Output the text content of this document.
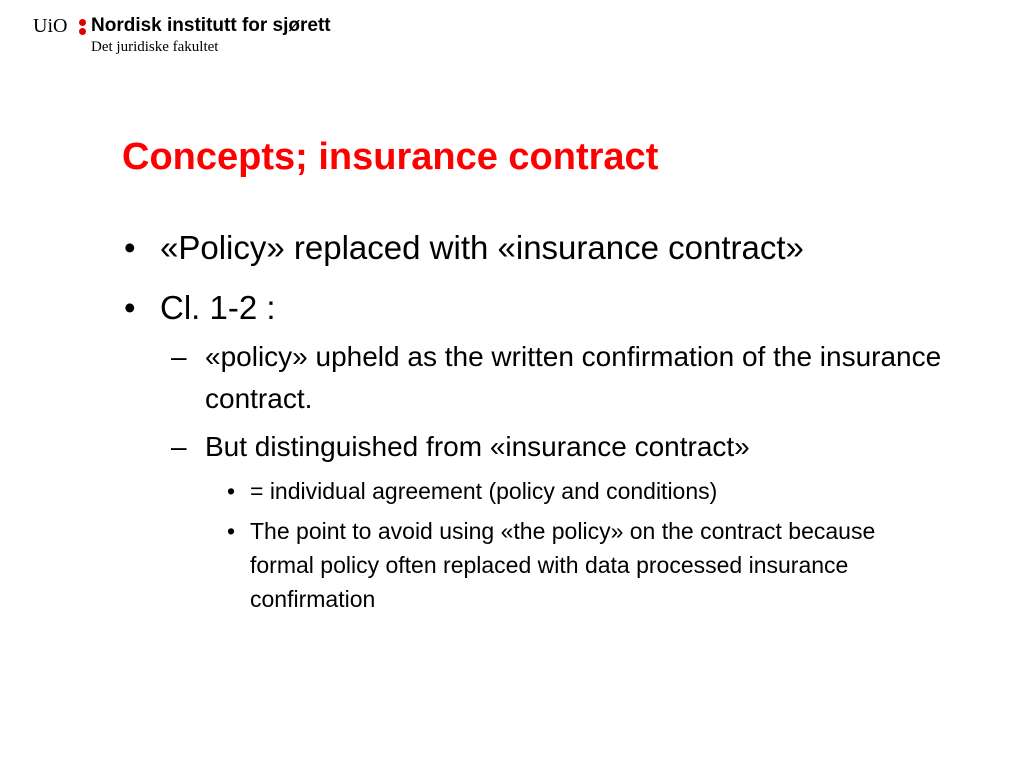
UiO Nordisk institutt for sjørett
Det juridiske fakultet
Concepts; insurance contract
• «Policy» replaced with «insurance contract»
• Cl. 1-2 :
– «policy» upheld as the written confirmation of the insurance contract.
– But distinguished from «insurance contract»
• = individual agreement (policy and conditions)
• The point to avoid using «the policy» on the contract because formal policy often replaced with data processed insurance confirmation
